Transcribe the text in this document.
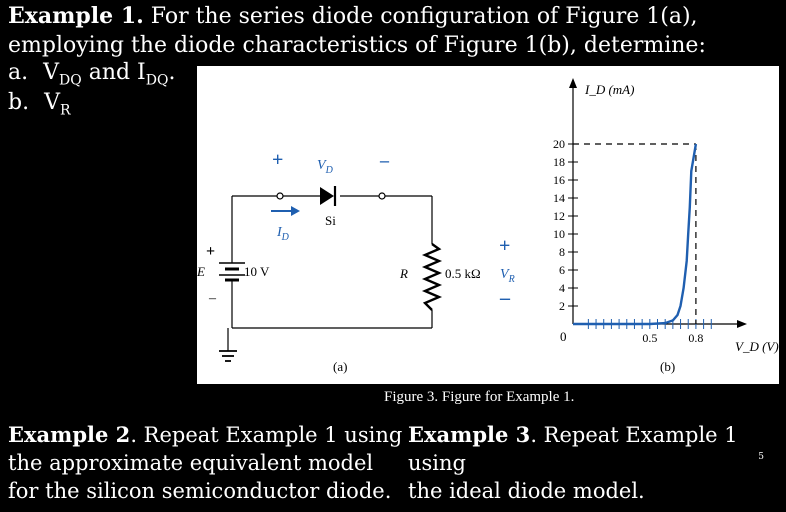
Example 1. For the series diode configuration of Figure 1(a),
employing the diode characteristics of Figure 1(b), determine:
a. $V_{DQ}$ and $I_{DQ}$.
b. $V_R$
+	–
$V_D$
Si
$I_D$
+
E	10 V
–
R	0.5 kΩ
+
$V_R$
–
(a)
2
4
6
8
10
12
14
16
18
20
0.5	0.8
I_D (mA)
V_D (V)
0
(b)
Figure 3. Figure for Example 1.
Example 2. Repeat Example 1 using
the approximate equivalent model
for the silicon semiconductor diode.
Example 3. Repeat Example 1 using
the ideal diode model.
5
